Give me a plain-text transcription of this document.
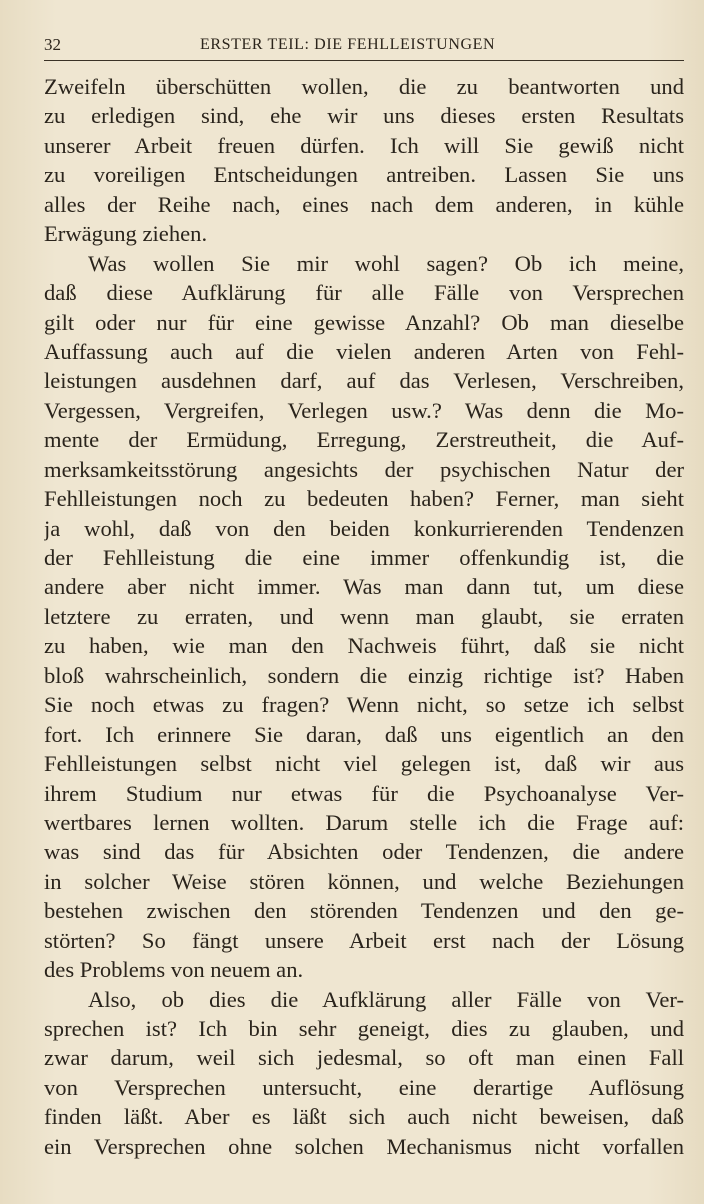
32	ERSTER TEIL: DIE FEHLLEISTUNGEN
Zweifeln überschütten wollen, die zu beantworten und
zu erledigen sind, ehe wir uns dieses ersten Resultats
unserer Arbeit freuen dürfen. Ich will Sie gewiß nicht
zu voreiligen Entscheidungen antreiben. Lassen Sie uns
alles der Reihe nach, eines nach dem anderen, in kühle
Erwägung ziehen.
Was wollen Sie mir wohl sagen? Ob ich meine,
daß diese Aufklärung für alle Fälle von Versprechen
gilt oder nur für eine gewisse Anzahl? Ob man dieselbe
Auffassung auch auf die vielen anderen Arten von Fehl-
leistungen ausdehnen darf, auf das Verlesen, Verschreiben,
Vergessen, Vergreifen, Verlegen usw.? Was denn die Mo-
mente der Ermüdung, Erregung, Zerstreutheit, die Auf-
merksamkeitsstörung angesichts der psychischen Natur der
Fehlleistungen noch zu bedeuten haben? Ferner, man sieht
ja wohl, daß von den beiden konkurrierenden Tendenzen
der Fehlleistung die eine immer offenkundig ist, die
andere aber nicht immer. Was man dann tut, um diese
letztere zu erraten, und wenn man glaubt, sie erraten
zu haben, wie man den Nachweis führt, daß sie nicht
bloß wahrscheinlich, sondern die einzig richtige ist? Haben
Sie noch etwas zu fragen? Wenn nicht, so setze ich selbst
fort. Ich erinnere Sie daran, daß uns eigentlich an den
Fehlleistungen selbst nicht viel gelegen ist, daß wir aus
ihrem Studium nur etwas für die Psychoanalyse Ver-
wertbares lernen wollten. Darum stelle ich die Frage auf:
was sind das für Absichten oder Tendenzen, die andere
in solcher Weise stören können, und welche Beziehungen
bestehen zwischen den störenden Tendenzen und den ge-
störten? So fängt unsere Arbeit erst nach der Lösung
des Problems von neuem an.
Also, ob dies die Aufklärung aller Fälle von Ver-
sprechen ist? Ich bin sehr geneigt, dies zu glauben, und
zwar darum, weil sich jedesmal, so oft man einen Fall
von Versprechen untersucht, eine derartige Auflösung
finden läßt. Aber es läßt sich auch nicht beweisen, daß
ein Versprechen ohne solchen Mechanismus nicht vorfallen
